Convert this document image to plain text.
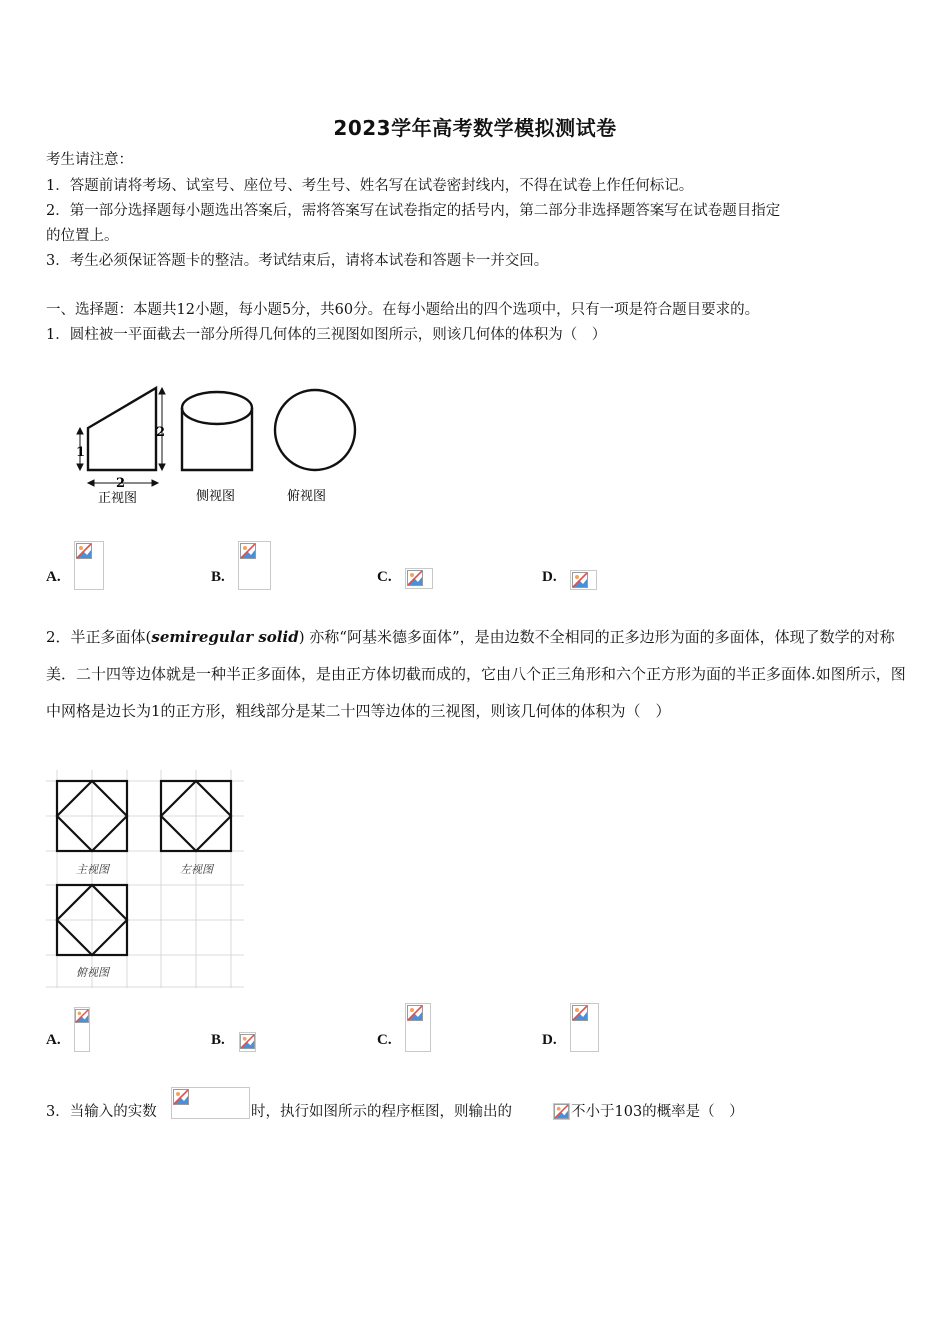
2023学年高考数学模拟测试卷
考生请注意：
1．答题前请将考场、试室号、座位号、考生号、姓名写在试卷密封线内，不得在试卷上作任何标记。
2．第一部分选择题每小题选出答案后，需将答案写在试卷指定的括号内，第二部分非选择题答案写在试卷题目指定
的位置上。
3．考生必须保证答题卡的整洁。考试结束后，请将本试卷和答题卡一并交回。
一、选择题：本题共12小题，每小题5分，共60分。在每小题给出的四个选项中，只有一项是符合题目要求的。
1．圆柱被一平面截去一部分所得几何体的三视图如图所示，则该几何体的体积为（　）
1
2
2
正视图	侧视图	俯视图
A.	B.	C.	D.
2．半正多面体(semiregular solid) 亦称“阿基米德多面体”，是由边数不全相同的正多边形为面的多面体，体现了数学的对称美．二十四等边体就是一种半正多面体，是由正方体切截而成的，它由八个正三角形和六个正方形为面的半正多面体.如图所示，图中网格是边长为1的正方形，粗线部分是某二十四等边体的三视图，则该几何体的体积为（　）
主视图	左视图
俯视图
A.	B.	C.	D.
3．当输入的实数	时，执行如图所示的程序框图，则输出的	不小于103的概率是（　）
